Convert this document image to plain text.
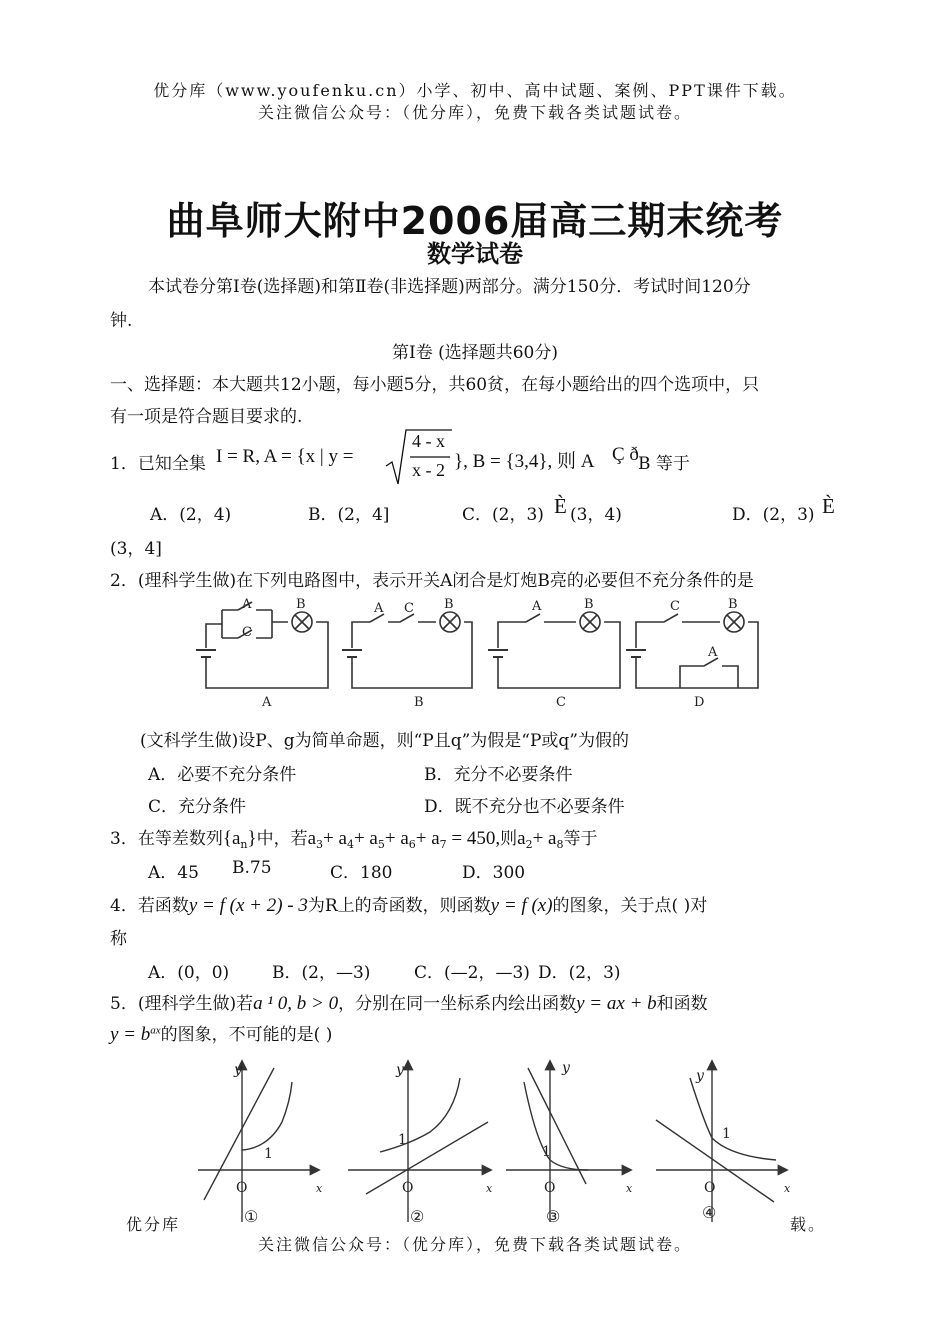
优分库（www.youfenku.cn）小学、初中、高中试题、案例、PPT课件下载。
关注微信公众号：（优分库），免费下载各类试题试卷。
曲阜师大附中2006届高三期末统考
数学试卷
本试卷分第Ⅰ卷(选择题)和第Ⅱ卷(非选择题)两部分。满分150分．考试时间120分
钟.
第Ⅰ卷 (选择题共60分)
一、选择题：本大题共12小题，每小题5分，共60贫，在每小题给出的四个选项中，只
有一项是符合题目要求的.
1．已知全集 I = R, A = {x | y =
4 - x
x - 2 }, B = {3,4}, 则 A Ç ð B 等于
A．(2，4)	B．(2，4]	C．(2，3) È (3，4)	D．(2，3) È
(3，4]
2．(理科学生做)在下列电路图中，表示开关A闭合是灯炮B亮的必要但不充分条件的是
A
C
B
A
A C B
B
A	B
C
C
A
B
D
(文科学生做)设P、g为简单命题，则“P且q”为假是“P或q”为假的
A．必要不充分条件	B．充分不必要条件
C．充分条件	D．既不充分也不必要条件
3．在等差数列$\{a_n\}$中，若$a_3+ a_4+ a_5+ a_6+ a_7 = 450$,则$a_2+ a_8$等于
A．45 B.75	C．180	D．300
4．若函数y = f (x + 2) - 3为R上的奇函数，则函数y = f (x)的图象，关于点( )对
称
A．(0，0)	B．(2，—3)	C．(—2，—3) D．(2，3)
5．(理科学生做)若a ¹ 0, b > 0，分别在同一坐标系内绘出函数y = ax + b和函数
$y = b^{ax}$的图象，不可能的是( )
y
x
O
1
①
y
x
O
1
②
y
x
O
1
③
y
x
O
1
④
优分库	载。
关注微信公众号：（优分库），免费下载各类试题试卷。
